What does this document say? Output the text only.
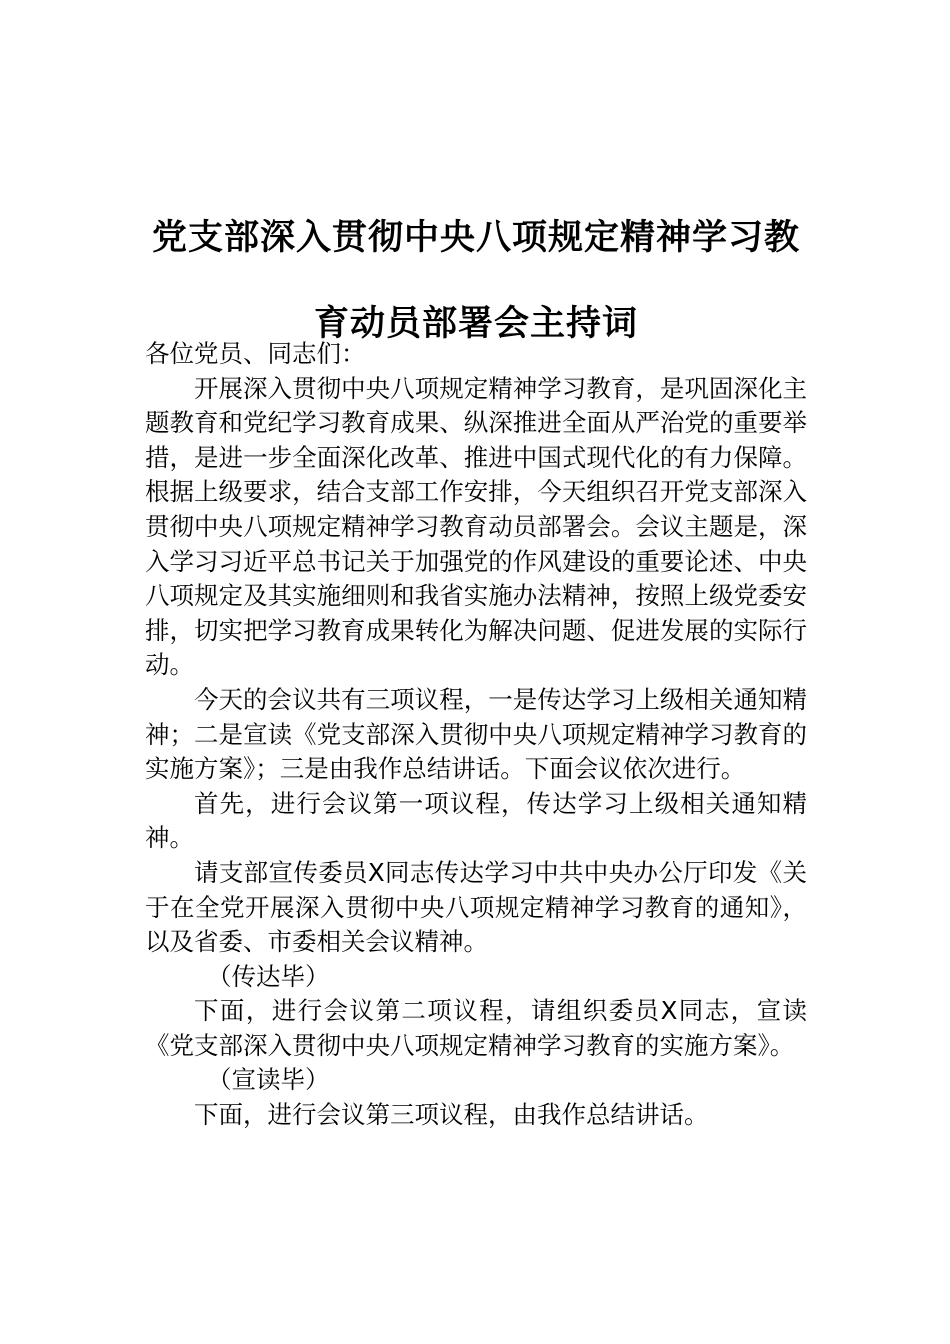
党支部深入贯彻中央八项规定精神学习教
育动员部署会主持词

各位党员、同志们：

开展深入贯彻中央八项规定精神学习教育，是巩固深化主题教育和党纪学习教育成果、纵深推进全面从严治党的重要举措，是进一步全面深化改革、推进中国式现代化的有力保障。根据上级要求，结合支部工作安排，今天组织召开党支部深入贯彻中央八项规定精神学习教育动员部署会。会议主题是，深入学习习近平总书记关于加强党的作风建设的重要论述、中央八项规定及其实施细则和我省实施办法精神，按照上级党委安排，切实把学习教育成果转化为解决问题、促进发展的实际行动。

今天的会议共有三项议程，一是传达学习上级相关通知精神；二是宣读《党支部深入贯彻中央八项规定精神学习教育的实施方案》；三是由我作总结讲话。下面会议依次进行。

首先，进行会议第一项议程，传达学习上级相关通知精神。

请支部宣传委员X同志传达学习中共中央办公厅印发《关于在全党开展深入贯彻中央八项规定精神学习教育的通知》，以及省委、市委相关会议精神。

（传达毕）

下面，进行会议第二项议程，请组织委员X同志，宣读《党支部深入贯彻中央八项规定精神学习教育的实施方案》。

（宣读毕）

下面，进行会议第三项议程，由我作总结讲话。
